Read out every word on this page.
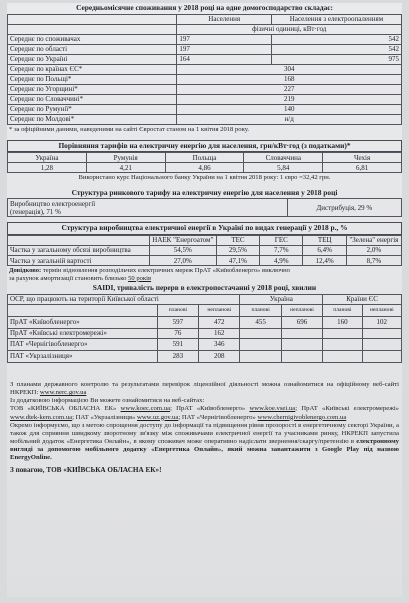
Середньомісячне споживання у 2018 році на одне домогосподарство складає:
	Населення	Населення з електроопаленням
	фізичні одиниці, кВт·год	
Середнє по споживачах	197	542
Середнє по області	197	542
Середнє по Україні	164	975
Середнє по країнах ЄС*	304	
Середнє по Польщі*	168	
Середнє по Угорщині*	227	
Середнє по Словаччині*	219	
Середнє по Румунії*	140	
Середнє по Молдові*	н/д	
* за офіційними даними, наведеними на сайті Євростат станом на 1 квітня 2018 року.
Порівняння тарифів на електричну енергію для населення, грн/кВт·год (з податками)*
Україна	Румунія	Польща	Словаччина	Чехія
1,28	4,21	4,86	5,84	6,81
Використано курс Національного банку України на 1 квітня 2018 року: 1 євро =32,42 грн.
Структура ринкового тарифу на електричну енергію для населення у 2018 році
Виробництво електроенергії
(генерація), 71 %
	Дистрибуція, 29 %
Структура виробництва електричної енергії в Україні по видах генерації у 2018 р., %
	НАЕК "Енергоатом"	ТЕС	ГЕС	ТЕЦ	"Зелена" енергія
Частка у загальному обсязі виробництва	54,5%	29,5%	7,7%	6,4%	2,0%
Частка у загальній вартості	27,0%	47,1%	4,9%	12,4%	8,7%
Довідково: термін відновлення розподільчих електричних мереж ПрАТ «Київобленерго» виключно
за рахунок амортизації становить близько 50 років
SAIDI, тривалість перерв в електропостачанні у 2018 році, хвилин
ОСР, що працюють на території Київської області			Україна		Країни ЄС	
	планові	непланові	планові	непланові	планові	непланові
ПрАТ «Київобленерго»	597	472	455	696	160	102
ПрАТ «Київські електромережі»	76	162				
ПАТ «Чернігівобленерго»	591	346				
ПАТ «Укрзалізниця»	283	208				

З планами державного контролю та результатами перевірок ліцензійної діяльності можна ознайомитися на офіційному веб-сайті НКРЕКП: www.nerc.gov.ua

Із додатковою інформацією Ви можете ознайомитися на веб-сайтах:

ТОВ «КИЇВСЬКА ОБЛАСНА ЕК» www.koec.com.ua; ПрАТ «Київобленерго» www.koe.vsei.ua; ПрАТ «Київські електромережі» www.dtek-kem.com.ua; ПАТ «Укрзалізниця» www.uz.gov.ua; ПАТ «Чернігівобленерго» www.chernigivoblenergo.com.ua

Окремо інформуємо, що з метою спрощення доступу до інформації та підвищення рівня прозорості в енергетичному секторі України, а також для сприяння швидкому зворотному зв'язку між споживачами електричної енергії та учасниками ринку, НКРЕКП запустила мобільний додаток «Енергетика Онлайн», в якому споживач може оперативно надіслати звернення/скаргу/претензію в електронному вигляді за допомогою мобільного додатку «Енергетика Онлайн», який можна завантажити з Google Play під назвою EnergyOnline.

З повагою, ТОВ «КИЇВСЬКА ОБЛАСНА ЕК»!
